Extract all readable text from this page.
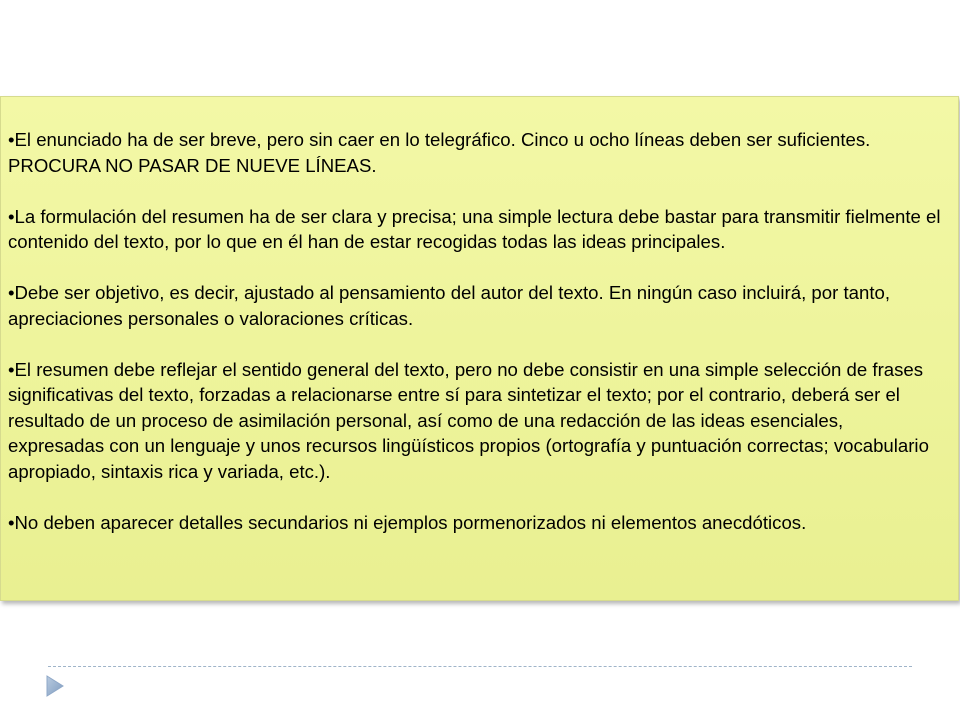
•El enunciado ha de ser breve, pero sin caer en lo telegráfico. Cinco u ocho líneas deben ser suficientes. PROCURA NO PASAR DE NUEVE LÍNEAS.

•La formulación del resumen ha de ser clara y precisa; una simple lectura debe bastar para transmitir fielmente el contenido del texto, por lo que en él han de estar recogidas todas las ideas principales.

•Debe ser objetivo, es decir, ajustado al pensamiento del autor del texto. En ningún caso incluirá, por tanto, apreciaciones personales o valoraciones críticas.

•El resumen debe reflejar el sentido general del texto, pero no debe consistir en una simple selección de frases significativas del texto, forzadas a relacionarse entre sí para sintetizar el texto; por el contrario, deberá ser el resultado de un proceso de asimilación personal, así como de una redacción de las ideas esenciales, expresadas con un lenguaje y unos recursos lingüísticos propios (ortografía y puntuación correctas; vocabulario apropiado, sintaxis rica y variada, etc.).

•No deben aparecer detalles secundarios ni ejemplos pormenorizados ni elementos anecdóticos.
